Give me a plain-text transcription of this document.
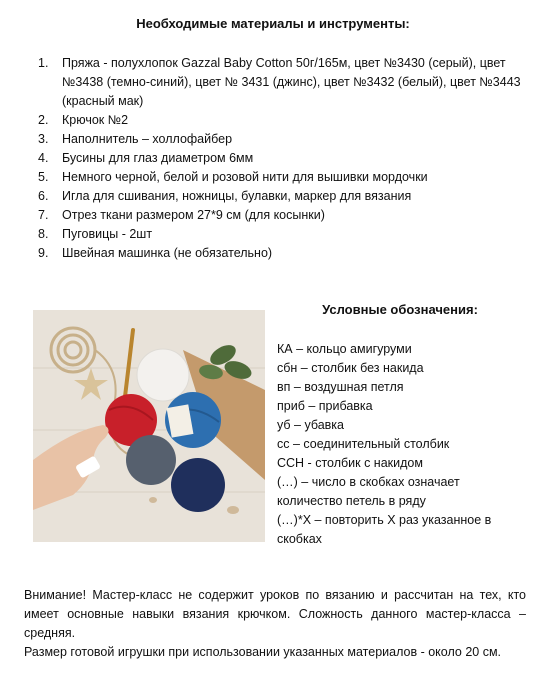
Необходимые материалы и инструменты:
1. Пряжа - полухлопок Gazzal Baby Cotton 50г/165м, цвет №3430 (серый), цвет №3438 (темно-синий), цвет № 3431 (джинс), цвет №3432 (белый), цвет №3443 (красный мак)
2. Крючок №2
3. Наполнитель – холлофайбер
4. Бусины для глаз диаметром 6мм
5. Немного черной, белой и розовой нити для вышивки мордочки
6. Игла для сшивания, ножницы, булавки, маркер для вязания
7. Отрез ткани размером 27*9 см (для косынки)
8. Пуговицы - 2шт
9. Швейная машинка (не обязательно)
Условные обозначения:
КА – кольцо амигуруми
сбн – столбик без накида
вп – воздушная петля
приб – прибавка
уб – убавка
сс – соединительный столбик
ССН - столбик с накидом
(…) – число в скобках означает количество петель в ряду
(…)*X – повторить X раз указанное в скобках

Внимание! Мастер-класс не содержит уроков по вязанию и рассчитан на тех, кто имеет основные навыки вязания крючком. Сложность данного мастер-класса – средняя.

Размер готовой игрушки при использовании указанных материалов - около 20 см.
